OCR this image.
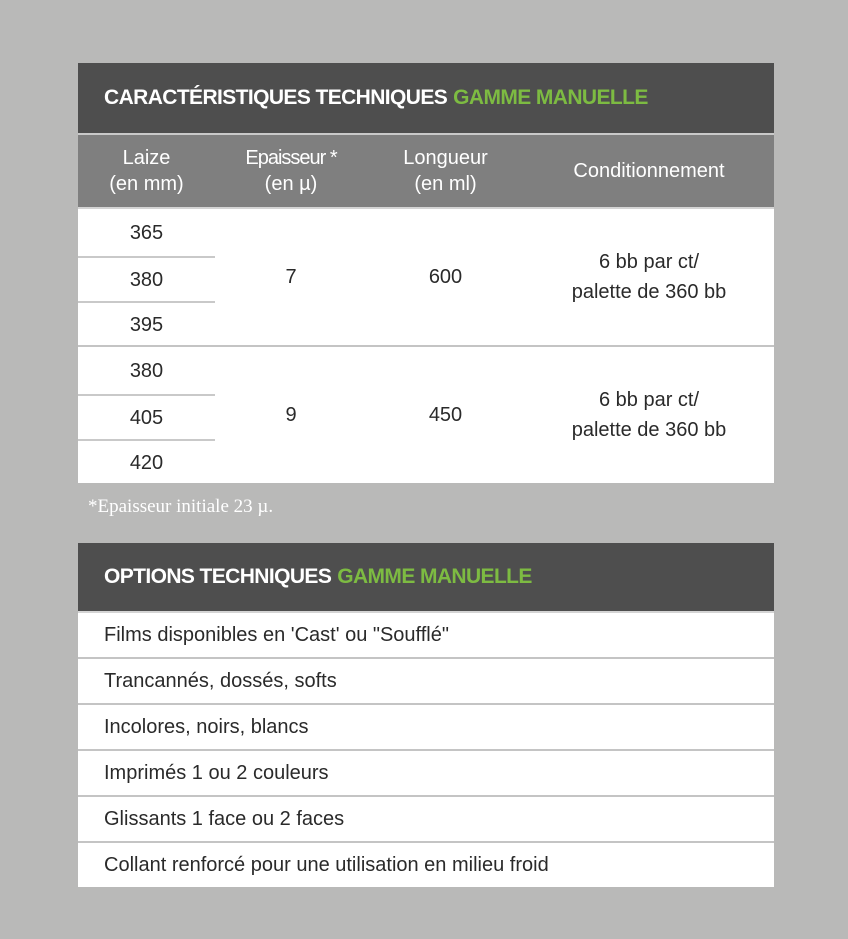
CARACTÉRISTIQUES TECHNIQUES GAMME MANUELLE
Laize
(en mm)
Epaisseur *
(en µ)
Longueur
(en ml)
Conditionnement
365
380
395
7	600
6 bb par ct/
palette de 360 bb
380
405
420
9	450
6 bb par ct/
palette de 360 bb
*Epaisseur initiale 23 µ.
OPTIONS TECHNIQUES GAMME MANUELLE
Films disponibles en 'Cast' ou "Soufflé"
Trancannés, dossés, softs
Incolores, noirs, blancs
Imprimés 1 ou 2 couleurs
Glissants 1 face ou 2 faces
Collant renforcé pour une utilisation en milieu froid
